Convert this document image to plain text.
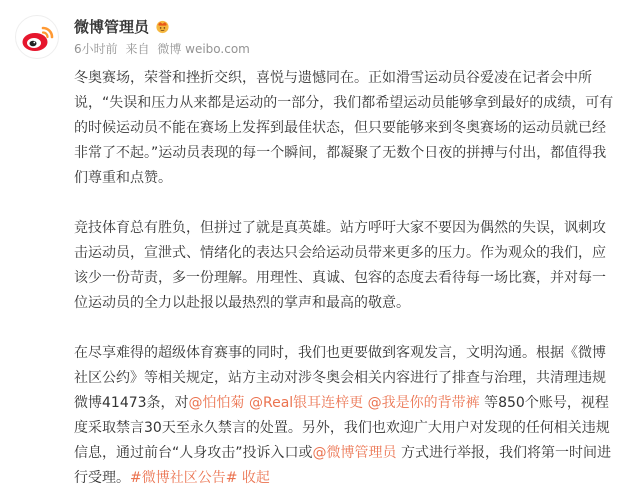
微博管理员
6小时前 来自 微博 weibo.com

冬奥赛场，荣誉和挫折交织，喜悦与遗憾同在。正如滑雪运动员谷爱凌在记者会中所说，“失误和压力从来都是运动的一部分，我们都希望运动员能够拿到最好的成绩，可有的时候运动员不能在赛场上发挥到最佳状态，但只要能够来到冬奥赛场的运动员就已经非常了不起。”运动员表现的每一个瞬间，都凝聚了无数个日夜的拼搏与付出，都值得我们尊重和点赞。

竞技体育总有胜负，但拼过了就是真英雄。站方呼吁大家不要因为偶然的失误，讽刺攻击运动员，宣泄式、情绪化的表达只会给运动员带来更多的压力。作为观众的我们，应该少一份苛责，多一份理解。用理性、真诚、包容的态度去看待每一场比赛，并对每一位运动员的全力以赴报以最热烈的掌声和最高的敬意。

在尽享难得的超级体育赛事的同时，我们也更要做到客观发言，文明沟通。根据《微博社区公约》等相关规定，站方主动对涉冬奥会相关内容进行了排查与治理，共清理违规微博41473条，对@怕怕菊 @Real银耳连梓更 @我是你的背带裤 等850个账号，视程度采取禁言30天至永久禁言的处置。另外，我们也欢迎广大用户对发现的任何相关违规信息，通过前台“人身攻击”投诉入口或@微博管理员 方式进行举报，我们将第一时间进行受理。#微博社区公告# 收起
